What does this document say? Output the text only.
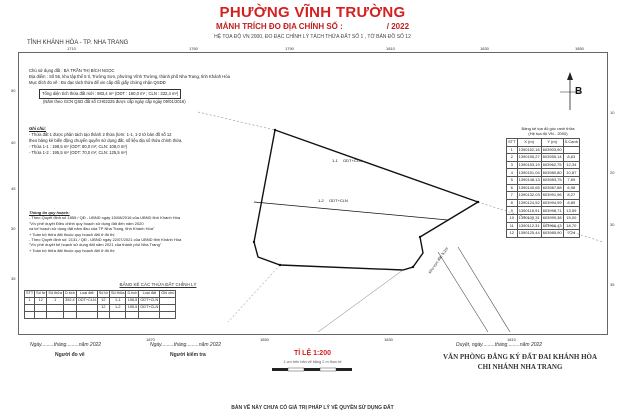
PHƯỜNG VĨNH TRƯỜNG
MẢNH TRÍCH ĐO ĐỊA CHÍNH SỐ :	/ 2022
HỆ TỌA ĐỘ VN 2000, ĐO ĐẠC CHỈNH LÝ TÁCH THỬA ĐẤT SỐ 1 , TỜ BẢN ĐỒ SỐ 12
TỈNH KHÁNH HÒA - TP. NHA TRANG
1710	1760	1790	1810	1830	1850
50
40
45
30
35
10
20
30
35
1870	1850	1830	1810
B
Chủ sử dụng đất : BÀ TRẦN THỊ BÍCH NGỌC
Địa điểm : Số 55, khu tập thể 5 tỉ, Trường Sơn, phường Vĩnh Trường, thành phố Nha Trang, tỉnh Khánh Hòa
Mục đích đo vẽ : Đo đạc tách thửa để xin cấp đổi giấy chứng nhận QSDĐ
Tổng diện tích thửa đất mới : 983,4 m² (ODT : 160,0 m² ; CLN : 232,4 m²)
(Năm theo GCN QSD đất số CH02225 được cấp ngày cấp ngày 09/01/2016)
Ghi chú:
- Thửa đất 1 được phân tách tạo thành 2 thửa (lơm: 1-1, 1-2 tờ bản đồ số 12
theo bảng kê biến động chuyển quyền sử dụng đất, số liệu địa sổ thửa chính thửa.
- Thửa 1-1 : 198,5 m² (ODT: 80,0 m²; CLN: 108,0 m²)
- Thửa 1-2 : 195,5 m² (ODT: 70,0 m²; CLN: 125,5 m²)
Thông tin quy hoạch:
- Theo Quyết định số 1855 / QĐ - UBND ngày 15/08/2016 của UBND tỉnh Khánh Hòa
"V/v phê duyệt Điều chỉnh quy hoạch sử dụng đất đến năm 2020
và kế hoạch sử dụng đất năm đầu của TP Nha Trang, tỉnh Khánh Hòa"
+ Toàn bộ thửa đất thuộc quy hoạch đất ở đô thị
- Theo Quyết định số: 2131 / QĐ - UBND ngày 22/07/2021 của UBND tỉnh Khánh Hòa
"V/v phê duyệt kế hoạch sử dụng đất năm 2021 của thành phố Nha Trang"
+ Toàn bộ thửa đất thuộc quy hoạch đất ở đô thị
1-1 ODT+CLN
1-2 ODT+CLN
Khu vực đất: 5,2m
Bảng kê tọa độ góc ranh thửa
(Hệ tọa độ VN - 2000)
STT	X (m)	Y (m)	S.Cạnh
1	1390152,16	603903,90	
2	1390155,27	603955,14	8,63
3	1390153,19	603962,75	12,34
4	1390151,04	603980,80	10,87
5	1390148,13	603983,75	7,69
6	1390140,65	603987,88	6,98
7	1390132,03	603991,96	8,27
8	1390124,52	603994,99	8,89
9	1390116,91	603998,71	13,59
10	1390109,31	603999,38	15,00
11	1390112,31	603966,43	18,70
12	1390125,44	603985,90	9,24
BẢNG KÊ CÁC THỬA ĐẤT CHỈNH LÝ
STT	Số tờ	Số thửa	D.tích	Loại đất	Số tờ	Số thửa	D.tích	Loại đất	Ghi chú
1	12	1	392,4	ODT+CLN	12	1-1	198,5	ODT+CLN	
					12	1-2	195,5	ODT+CLN	

Ngày.........tháng.........năm 2022
Người đo vẽ
Ngày.........tháng.........năm 2022
Người kiểm tra
Duyệt, ngày.........tháng.........năm 2022
TỈ LỆ 1:200
1 cm trên bản vẽ bằng 2 m thực tế
VĂN PHÒNG ĐĂNG KÝ ĐẤT ĐAI KHÁNH HÒA
CHI NHÁNH NHA TRANG
BẢN VẼ NÀY CHƯA CÓ GIÁ TRỊ PHÁP LÝ VỀ QUYỀN SỬ DỤNG ĐẤT
